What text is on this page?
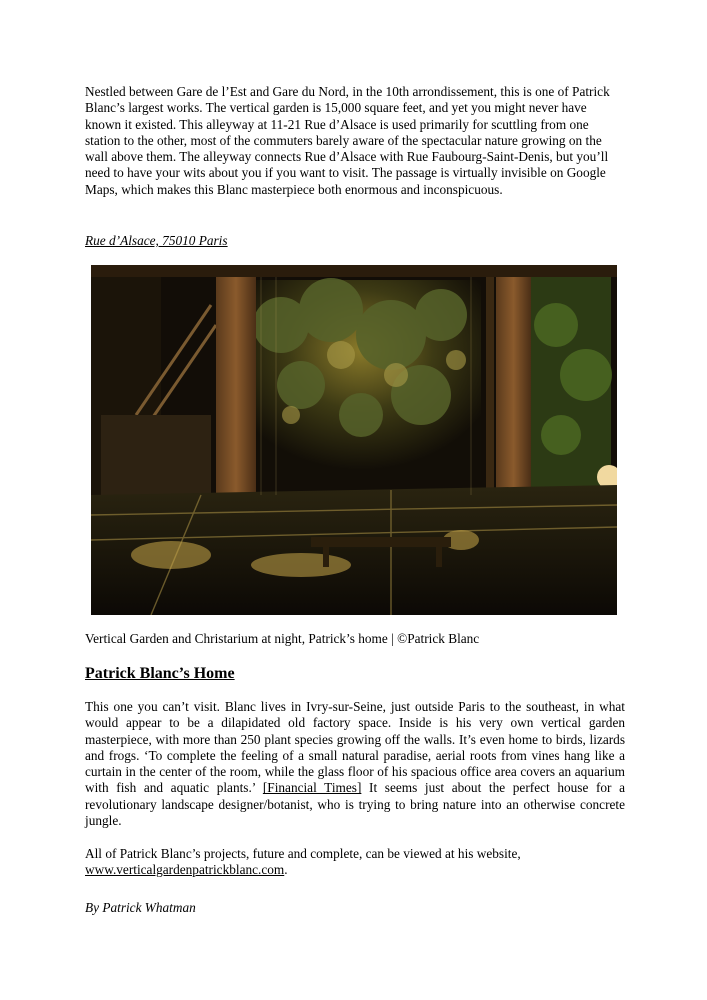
Nestled between Gare de l’Est and Gare du Nord, in the 10th arrondissement, this is one of Patrick Blanc’s largest works. The vertical garden is 15,000 square feet, and yet you might never have known it existed. This alleyway at 11-21 Rue d’Alsace is used primarily for scuttling from one station to the other, most of the commuters barely aware of the spectacular nature growing on the wall above them. The alleyway connects Rue d’Alsace with Rue Faubourg-Saint-Denis, but you’ll need to have your wits about you if you want to visit. The passage is virtually invisible on Google Maps, which makes this Blanc masterpiece both enormous and inconspicuous.

Rue d’Alsace, 75010 Paris

Vertical Garden and Christarium at night, Patrick’s home | ©Patrick Blanc

Patrick Blanc’s Home

This one you can’t visit. Blanc lives in Ivry-sur-Seine, just outside Paris to the southeast, in what would appear to be a dilapidated old factory space. Inside is his very own vertical garden masterpiece, with more than 250 plant species growing off the walls. It’s even home to birds, lizards and frogs. ‘To complete the feeling of a small natural paradise, aerial roots from vines hang like a curtain in the center of the room, while the glass floor of his spacious office area covers an aquarium with fish and aquatic plants.’ [Financial Times] It seems just about the perfect house for a revolutionary landscape designer/botanist, who is trying to bring nature into an otherwise concrete jungle.

All of Patrick Blanc’s projects, future and complete, can be viewed at his website,
www.verticalgardenpatrickblanc.com.

By Patrick Whatman
